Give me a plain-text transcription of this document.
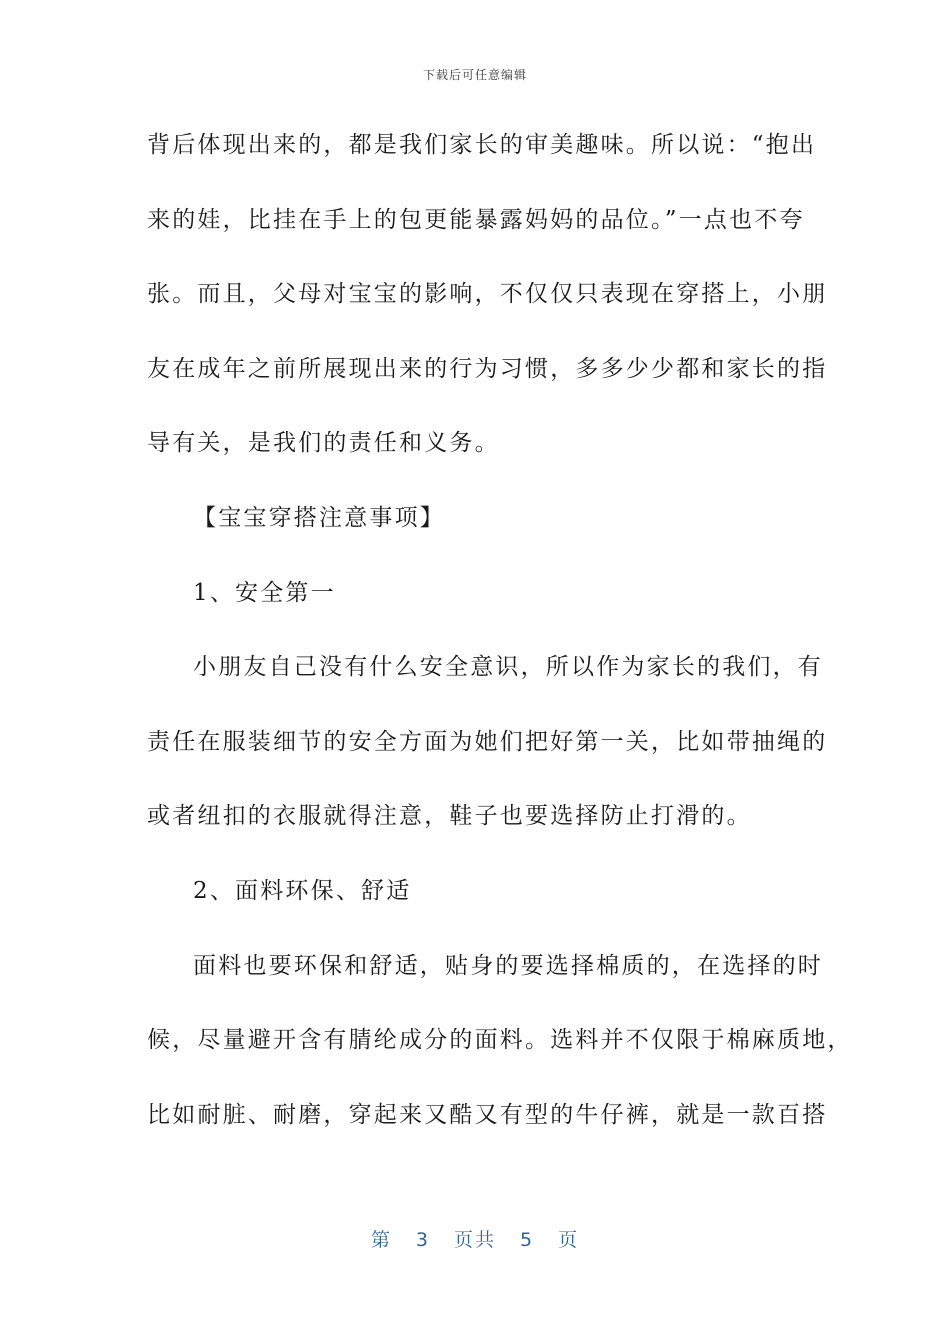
下载后可任意编辑
背后体现出来的，都是我们家长的审美趣味。所以说：“抱出
来的娃，比挂在手上的包更能暴露妈妈的品位。”一点也不夸
张。而且，父母对宝宝的影响，不仅仅只表现在穿搭上，小朋
友在成年之前所展现出来的行为习惯，多多少少都和家长的指
导有关，是我们的责任和义务。
【宝宝穿搭注意事项】
1、安全第一
小朋友自己没有什么安全意识，所以作为家长的我们，有
责任在服装细节的安全方面为她们把好第一关，比如带抽绳的
或者纽扣的衣服就得注意，鞋子也要选择防止打滑的。
2、面料环保、舒适
面料也要环保和舒适，贴身的要选择棉质的，在选择的时
候，尽量避开含有腈纶成分的面料。选料并不仅限于棉麻质地，
比如耐脏、耐磨，穿起来又酷又有型的牛仔裤，就是一款百搭
第 3 页共 5 页
